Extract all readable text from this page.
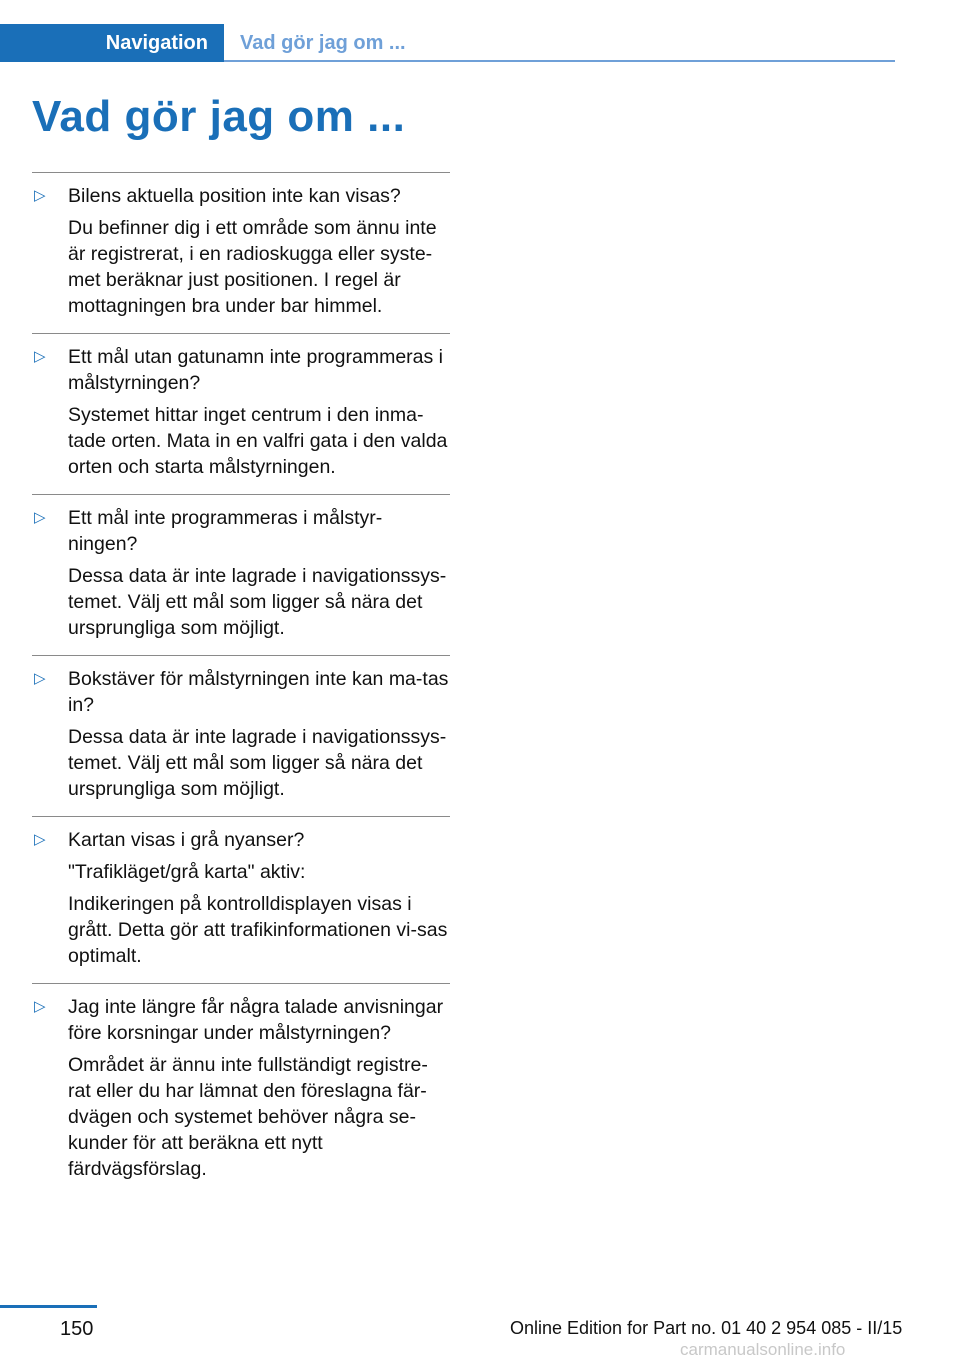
Navigation Vad gör jag om ...
Vad gör jag om ...
▷	Bilens aktuella position inte kan visas?

Du befinner dig i ett område som ännu inte är registrerat, i en radioskugga eller syste‐met beräknar just positionen. I regel är mottagningen bra under bar himmel.

▷	Ett mål utan gatunamn inte programmeras i målstyrningen?

Systemet hittar inget centrum i den inma‐tade orten. Mata in en valfri gata i den valda orten och starta målstyrningen.

▷	Ett mål inte programmeras i målstyr‐ningen?

Dessa data är inte lagrade i navigationssys‐temet. Välj ett mål som ligger så nära det ursprungliga som möjligt.

▷	Bokstäver för målstyrningen inte kan ma‐tas in?

Dessa data är inte lagrade i navigationssys‐temet. Välj ett mål som ligger så nära det ursprungliga som möjligt.

▷	Kartan visas i grå nyanser?

"Trafikläget/grå karta" aktiv:

Indikeringen på kontrolldisplayen visas i grått. Detta gör att trafikinformationen vi‐sas optimalt.

▷	Jag inte längre får några talade anvisningar före korsningar under målstyrningen?

Området är ännu inte fullständigt registre‐rat eller du har lämnat den föreslagna fär‐dvägen och systemet behöver några se‐kunder för att beräkna ett nytt färdvägsförslag.

150	Online Edition for Part no. 01 40 2 954 085 - II/15
carmanualsonline.info
